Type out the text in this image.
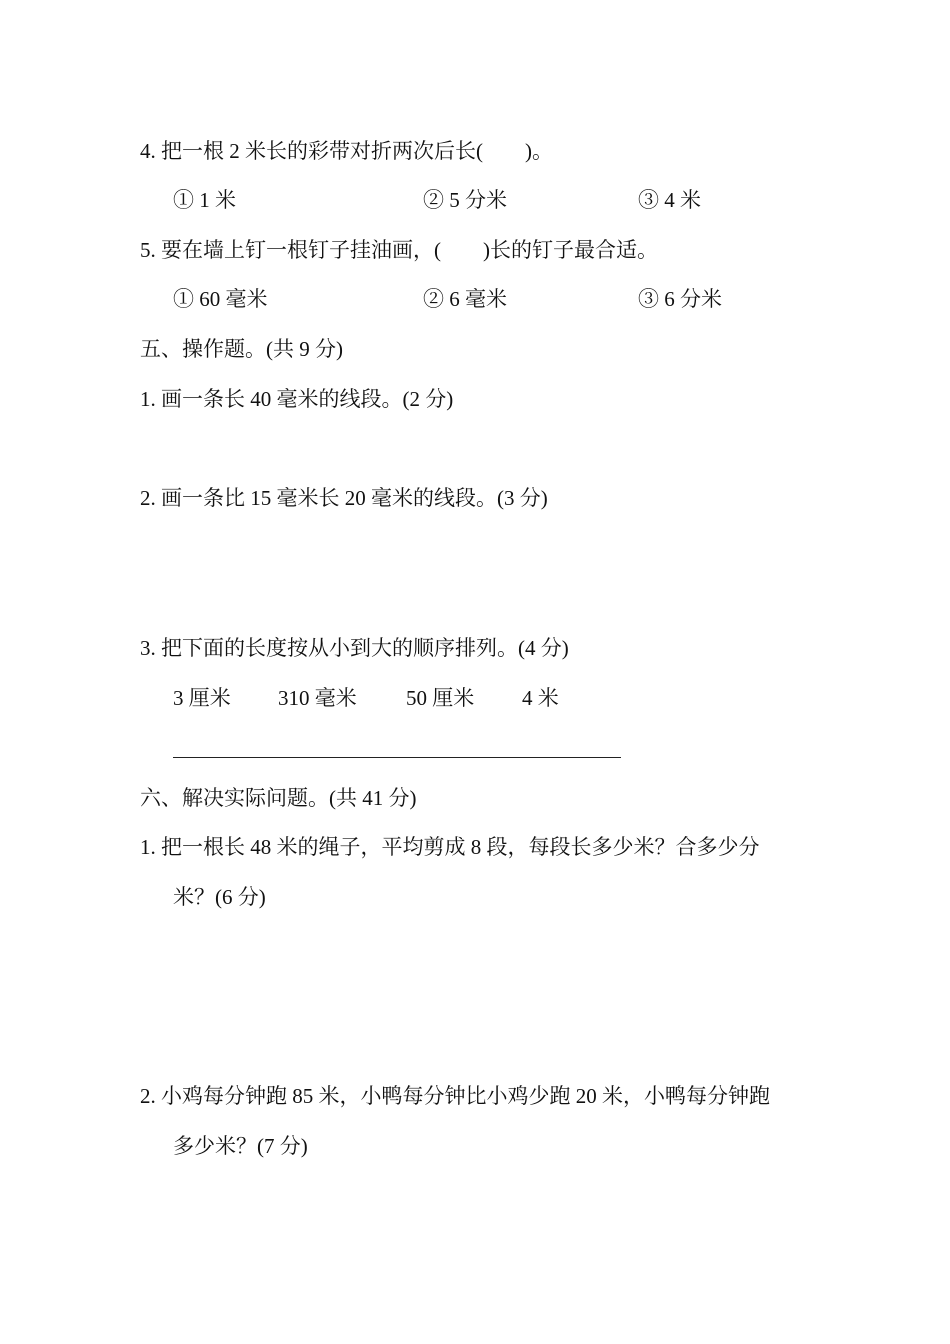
4. 把一根 2 米长的彩带对折两次后长(　　)。
① 1 米	② 5 分米	③ 4 米
5. 要在墙上钉一根钉子挂油画，(　　)长的钉子最合适。
① 60 毫米	② 6 毫米	③ 6 分米
五、操作题。(共 9 分)
1. 画一条长 40 毫米的线段。(2 分)
2. 画一条比 15 毫米长 20 毫米的线段。(3 分)
3. 把下面的长度按从小到大的顺序排列。(4 分)
3 厘米 310 毫米 50 厘米 4 米
六、解决实际问题。(共 41 分)
1. 把一根长 48 米的绳子，平均剪成 8 段，每段长多少米？合多少分
米？(6 分)
2. 小鸡每分钟跑 85 米，小鸭每分钟比小鸡少跑 20 米，小鸭每分钟跑
多少米？(7 分)
